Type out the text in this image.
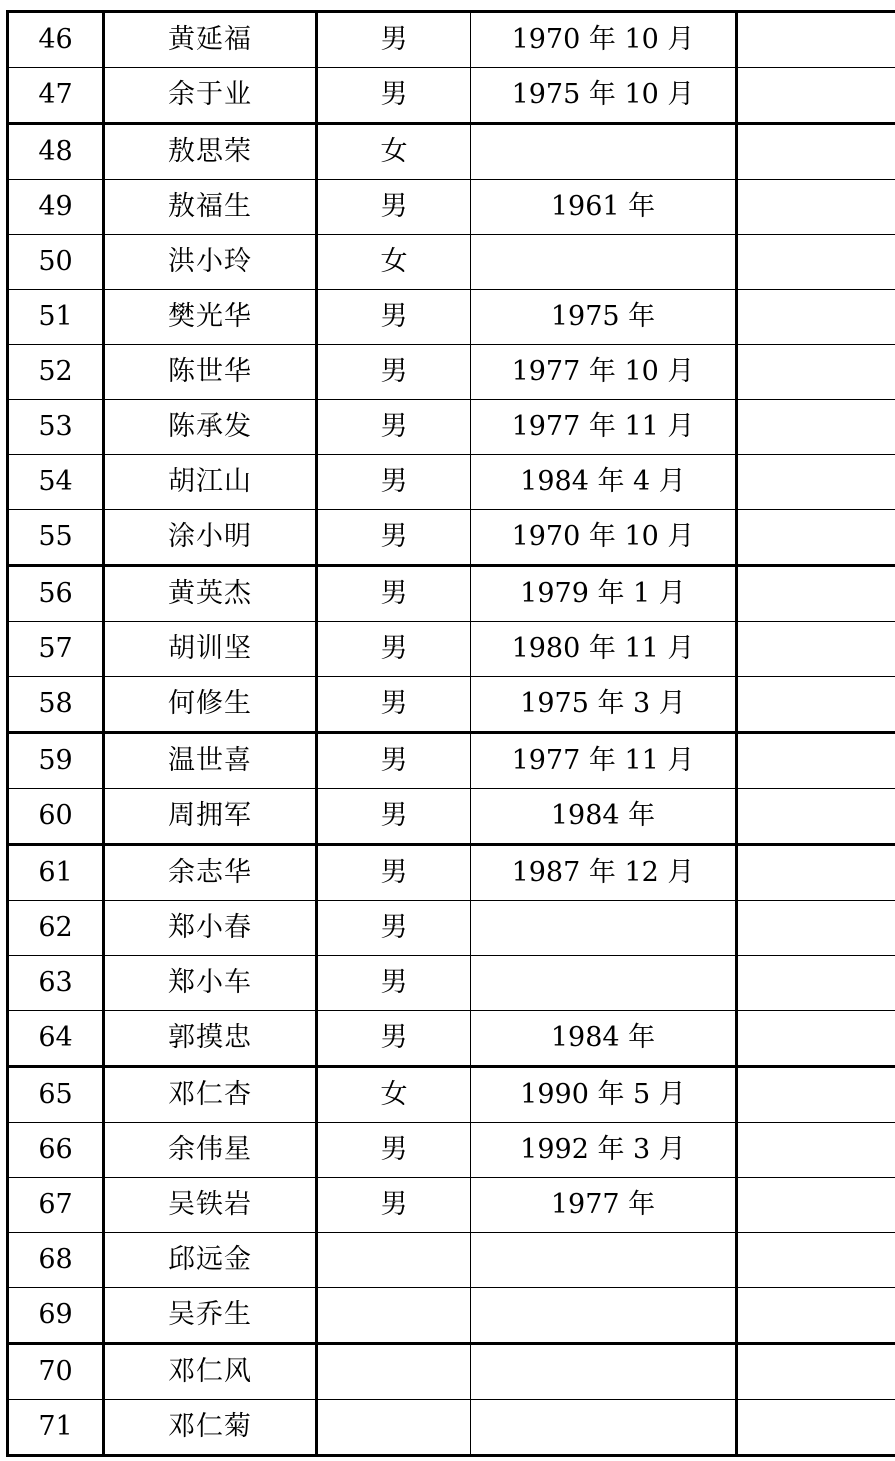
46	黄延福	男	1970 年 10 月	
47	余于业	男	1975 年 10 月	
48	敖思荣	女		
49	敖福生	男	1961 年	
50	洪小玲	女		
51	樊光华	男	1975 年	
52	陈世华	男	1977 年 10 月	
53	陈承发	男	1977 年 11 月	
54	胡江山	男	1984 年 4 月	
55	涂小明	男	1970 年 10 月	
56	黄英杰	男	1979 年 1 月	
57	胡训坚	男	1980 年 11 月	
58	何修生	男	1975 年 3 月	
59	温世喜	男	1977 年 11 月	
60	周拥军	男	1984 年	
61	余志华	男	1987 年 12 月	
62	郑小春	男		
63	郑小车	男		
64	郭摸忠	男	1984 年	
65	邓仁杏	女	1990 年 5 月	
66	余伟星	男	1992 年 3 月	
67	吴铁岩	男	1977 年	
68	邱远金			
69	吴乔生			
70	邓仁风			
71	邓仁菊			
